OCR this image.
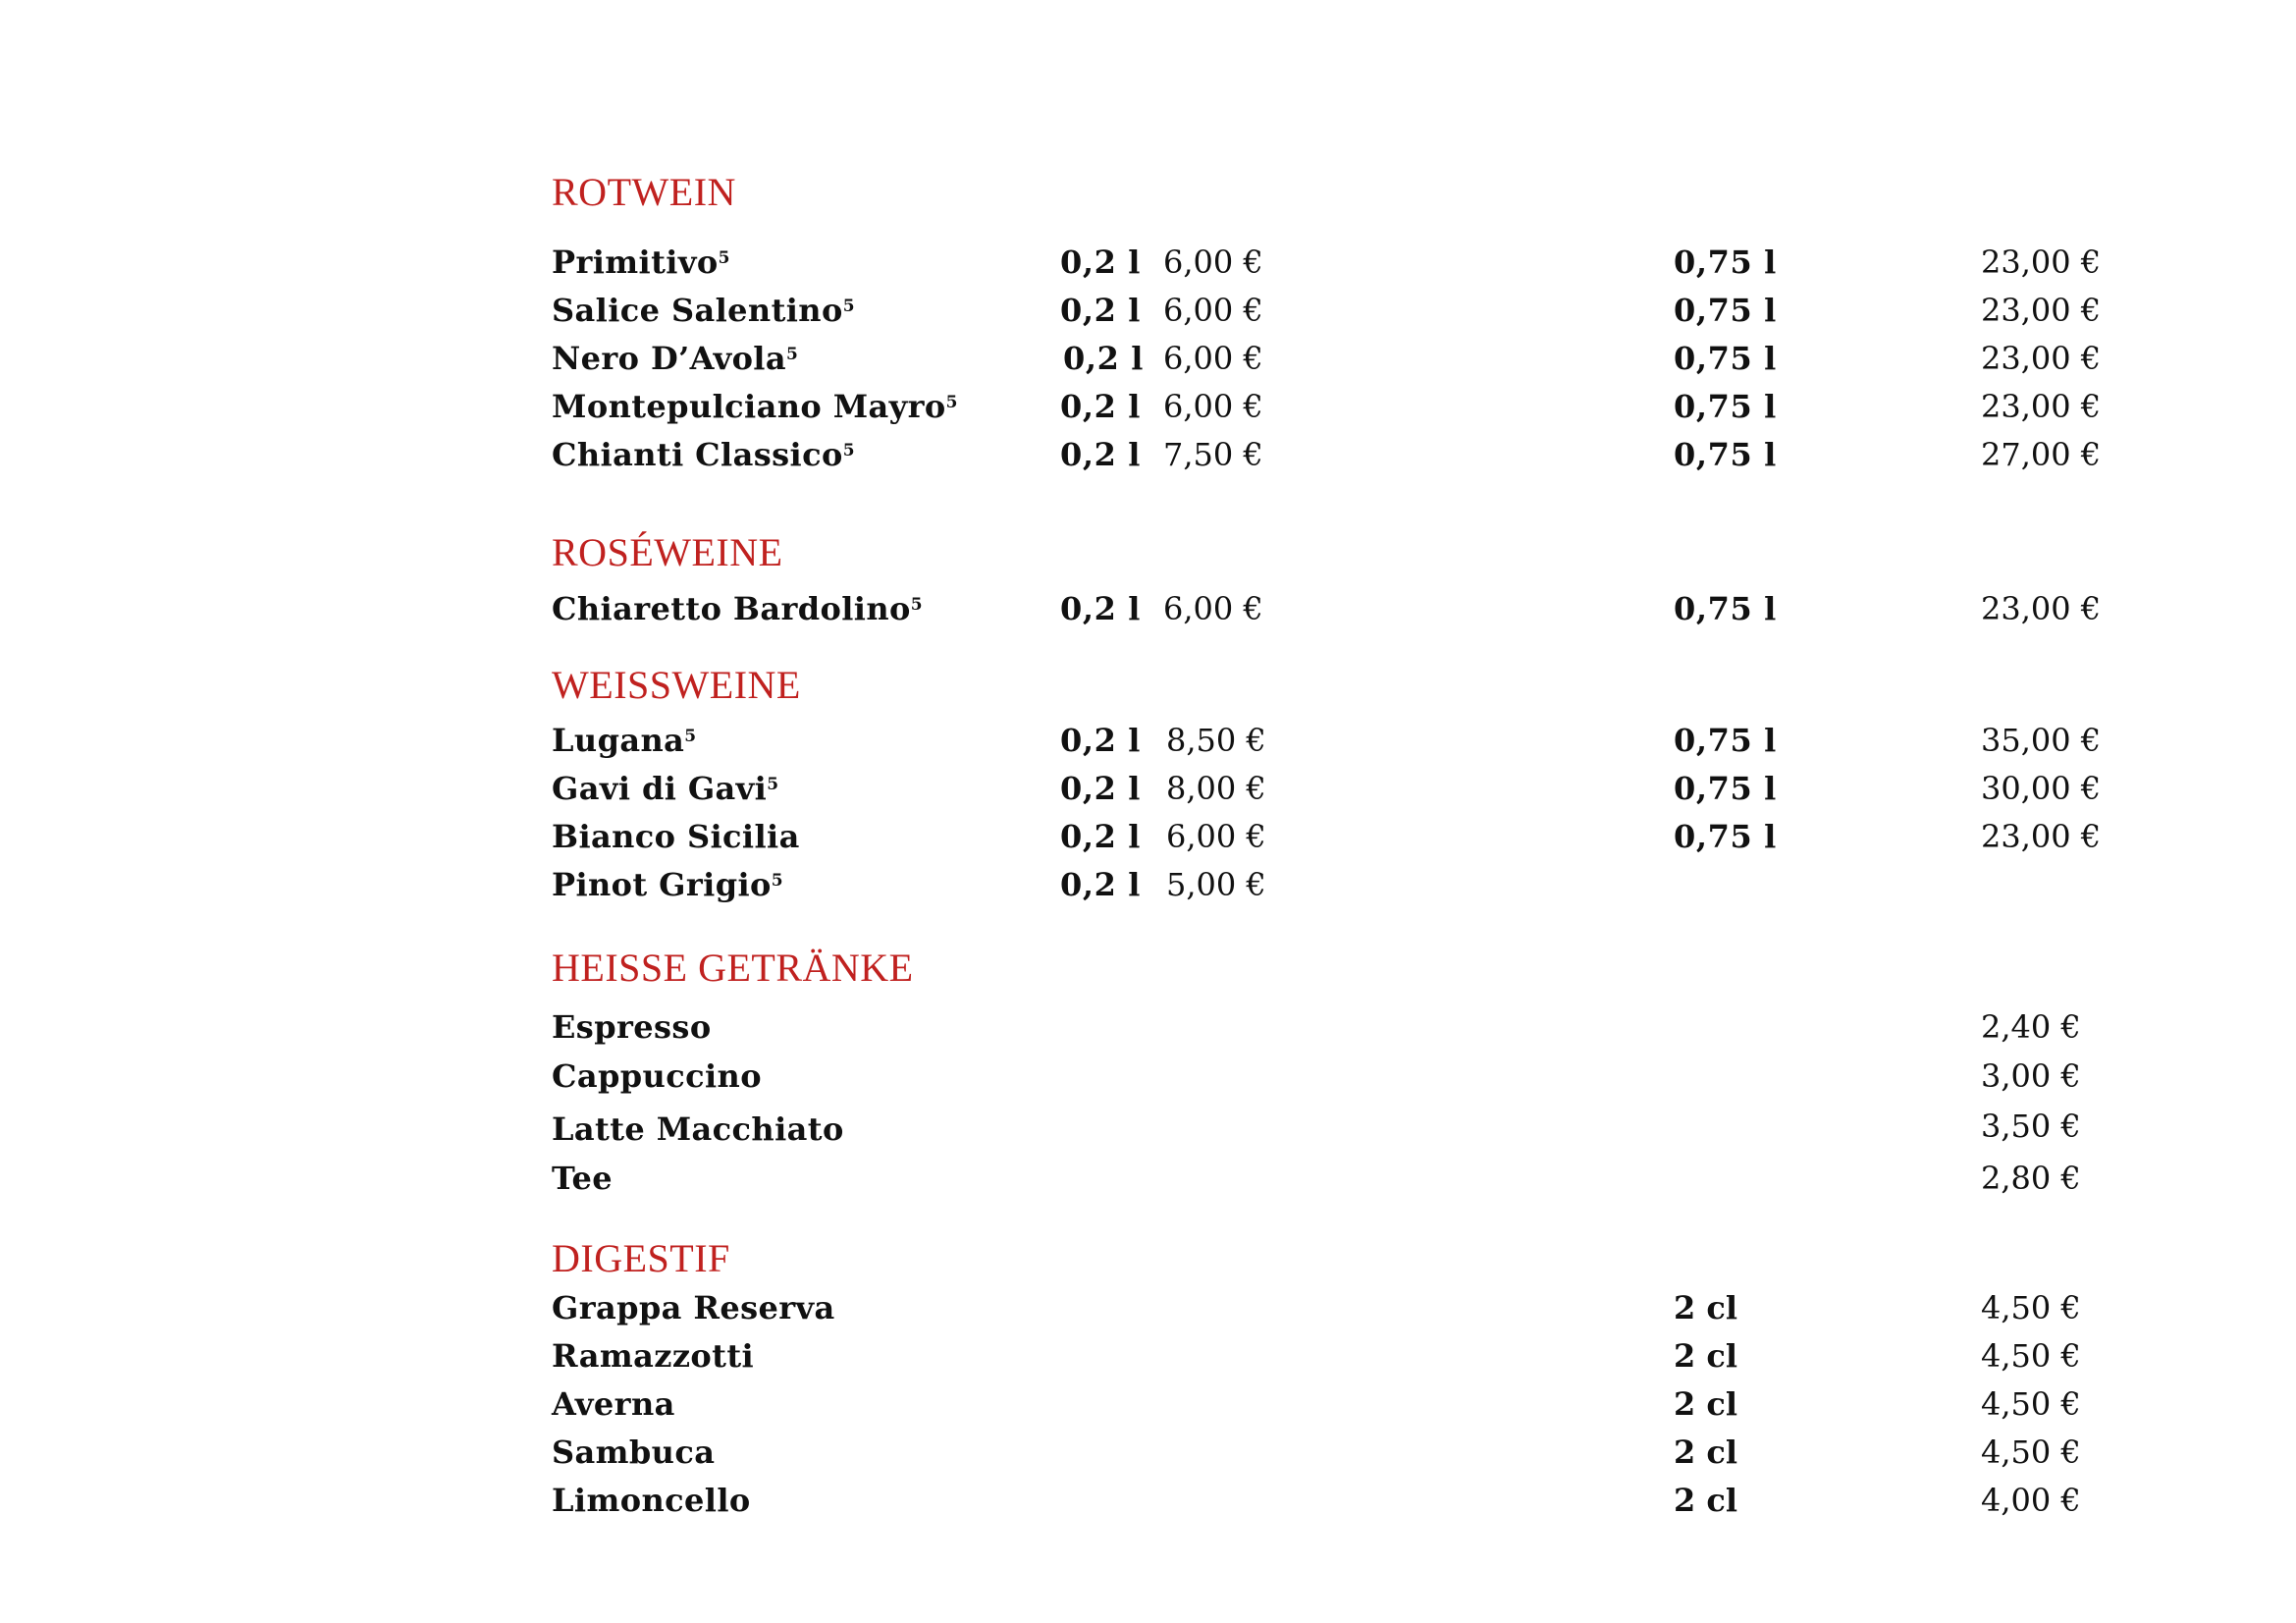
ROTWEIN
Primitivo$^5$	0,2 l 6,00 €	0,75 l	23,00 €
Salice Salentino$^5$	0,2 l 6,00 €	0,75 l	23,00 €
Nero D’Avola$^5$	0,2 l 6,00 €	0,75 l	23,00 €
Montepulciano Mayro$^5$	0,2 l 6,00 €	0,75 l	23,00 €
Chianti Classico$^5$	0,2 l 7,50 €	0,75 l	27,00 €
ROSÉWEINE
Chiaretto Bardolino$^5$	0,2 l 6,00 €	0,75 l	23,00 €
WEISSWEINE
Lugana$^5$	0,2 l 8,50 €	0,75 l	35,00 €
Gavi di Gavi$^5$	0,2 l 8,00 €	0,75 l	30,00 €
Bianco Sicilia	0,2 l 6,00 €	0,75 l	23,00 €
Pinot Grigio$^5$	0,2 l 5,00 €
HEISSE GETRÄNKE
Espresso	2,40 €
Cappuccino	3,00 €
Latte Macchiato	3,50 €
Tee	2,80 €
DIGESTIF
Grappa Reserva	2 cl	4,50 €
Ramazzotti	2 cl	4,50 €
Averna	2 cl	4,50 €
Sambuca	2 cl	4,50 €
Limoncello	2 cl	4,00 €
